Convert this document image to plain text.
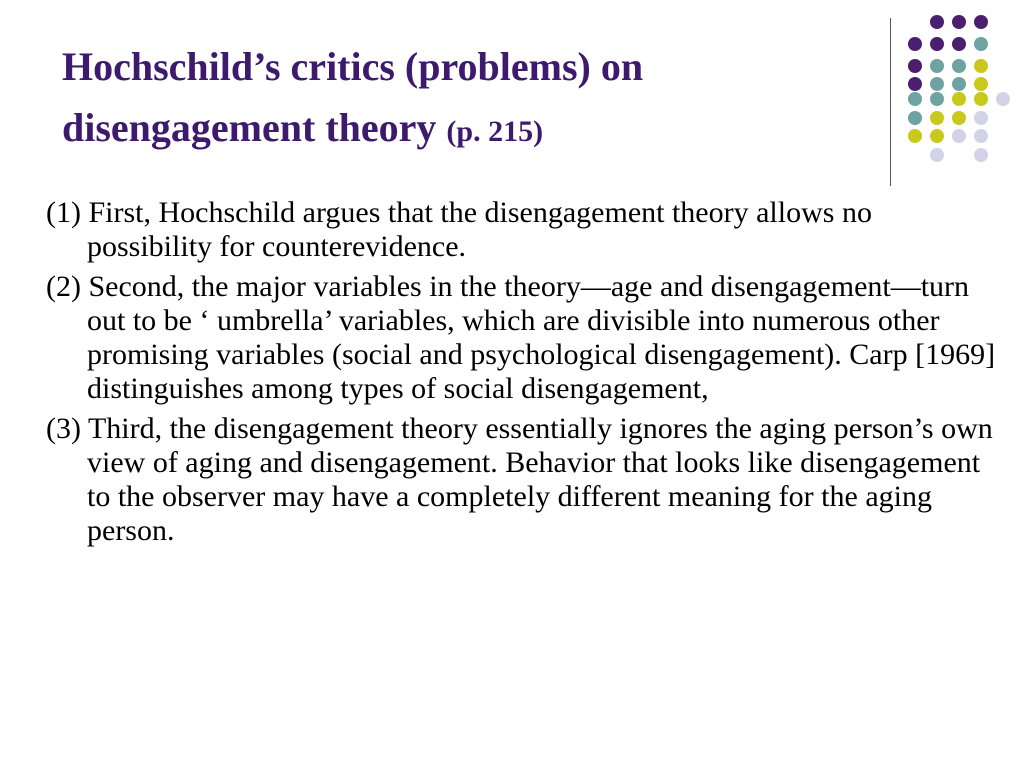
Hochschild’s critics (problems) on disengagement theory (p. 215)
(1) First, Hochschild argues that the disengagement theory allows no possibility for counterevidence.
(2) Second, the major variables in the theory—age and disengagement—turn out to be ‘ umbrella’ variables, which are divisible into numerous other promising variables (social and psychological disengagement). Carp [1969] distinguishes among types of social disengagement,
(3) Third, the disengagement theory essentially ignores the aging person’s own view of aging and disengagement. Behavior that looks like disengagement to the observer may have a completely different meaning for the aging person.
